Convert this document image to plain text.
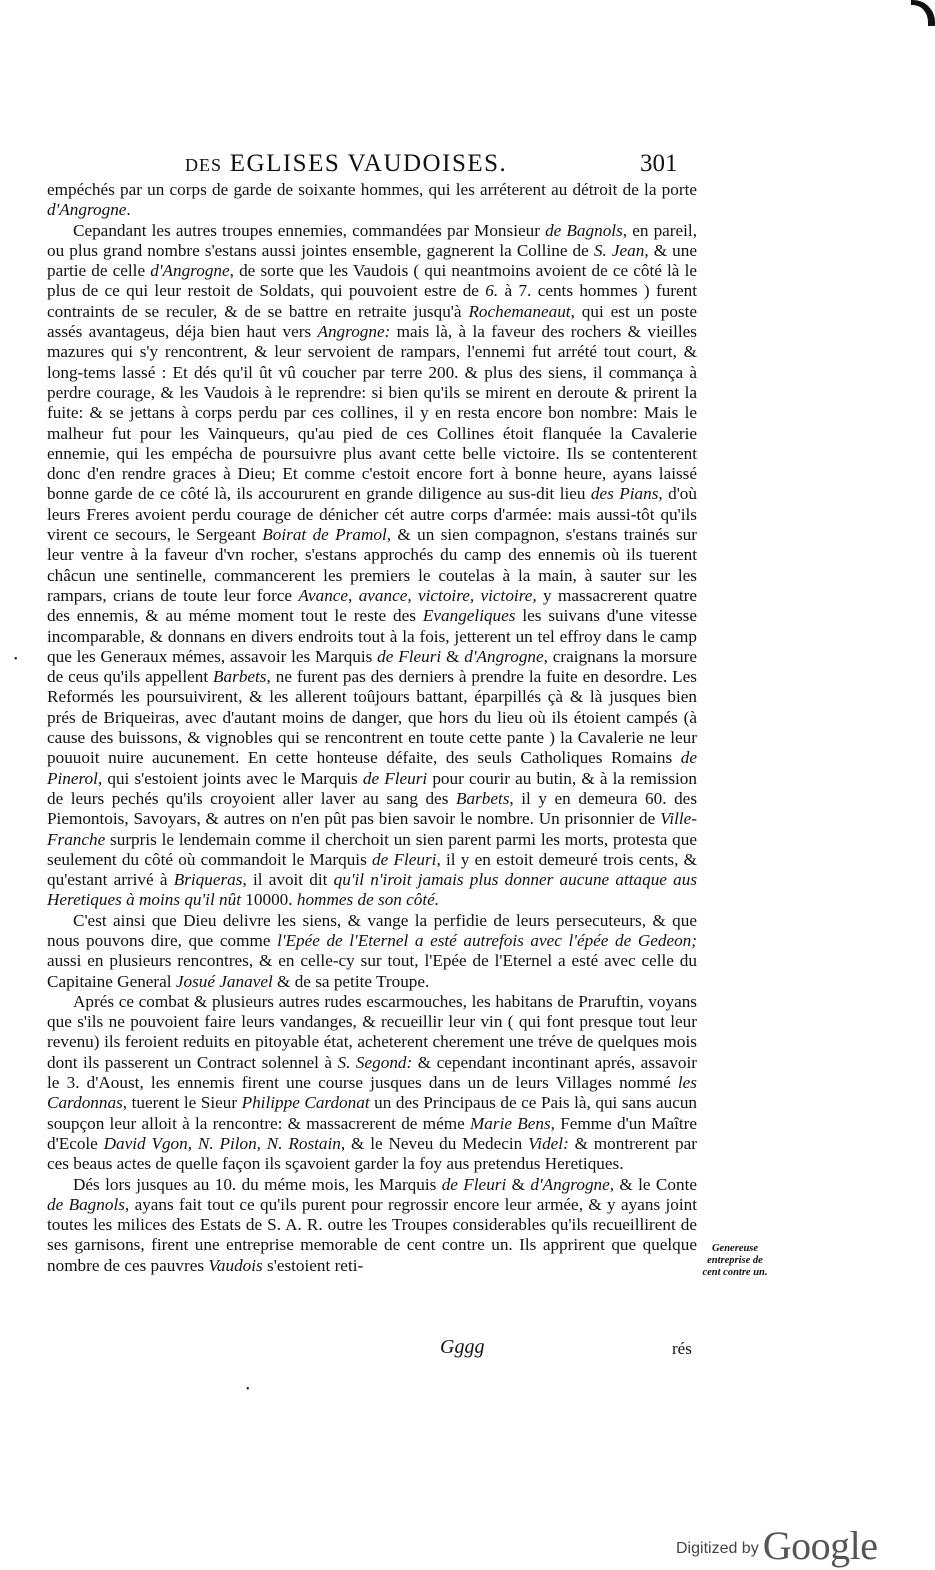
DES EGLISES VAUDOISES.	301

empéchés par un corps de garde de soixante hommes, qui les arréterent au détroit de la porte d'Angrogne.

Cepandant les autres troupes ennemies, commandées par Monsieur de Bagnols, en pareil, ou plus grand nombre s'estans aussi jointes ensemble, gagnerent la Colline de S. Jean, & une partie de celle d'Angrogne, de sorte que les Vaudois ( qui neantmoins avoient de ce côté là le plus de ce qui leur restoit de Soldats, qui pouvoient estre de 6. à 7. cents hommes ) furent contraints de se reculer, & de se battre en retraite jusqu'à Rochemaneaut, qui est un poste assés avantageus, déja bien haut vers Angrogne: mais là, à la faveur des rochers & vieilles mazures qui s'y rencontrent, & leur servoient de rampars, l'ennemi fut arrété tout court, & long-tems lassé : Et dés qu'il ût vû coucher par terre 200. & plus des siens, il commança à perdre courage, & les Vaudois à le reprendre: si bien qu'ils se mirent en deroute & prirent la fuite: & se jettans à corps perdu par ces collines, il y en resta encore bon nombre: Mais le malheur fut pour les Vainqueurs, qu'au pied de ces Collines étoit flanquée la Cavalerie ennemie, qui les empécha de poursuivre plus avant cette belle victoire. Ils se contenterent donc d'en rendre graces à Dieu; Et comme c'estoit encore fort à bonne heure, ayans laissé bonne garde de ce côté là, ils accoururent en grande diligence au sus-dit lieu des Pians, d'où leurs Freres avoient perdu courage de dénicher cét autre corps d'armée: mais aussi-tôt qu'ils virent ce secours, le Sergeant Boirat de Pramol, & un sien compagnon, s'estans trainés sur leur ventre à la faveur d'vn rocher, s'estans approchés du camp des ennemis où ils tuerent châcun une sentinelle, commancerent les premiers le coutelas à la main, à sauter sur les rampars, crians de toute leur force Avance, avance, victoire, victoire, y massacrerent quatre des ennemis, & au méme moment tout le reste des Evangeliques les suivans d'une vitesse incomparable, & donnans en divers endroits tout à la fois, jetterent un tel effroy dans le camp que les Generaux mémes, assavoir les Marquis de Fleuri & d'Angrogne, craignans la morsure de ceus qu'ils appellent Barbets, ne furent pas des derniers à prendre la fuite en desordre. Les Reformés les poursuivirent, & les allerent toûjours battant, éparpillés çà & là jusques bien prés de Briqueiras, avec d'autant moins de danger, que hors du lieu où ils étoient campés (à cause des buissons, & vignobles qui se rencontrent en toute cette pante ) la Cavalerie ne leur pouuoit nuire aucunement. En cette honteuse défaite, des seuls Catholiques Romains de Pinerol, qui s'estoient joints avec le Marquis de Fleuri pour courir au butin, & à la remission de leurs pechés qu'ils croyoient aller laver au sang des Barbets, il y en demeura 60. des Piemontois, Savoyars, & autres on n'en pût pas bien savoir le nombre. Un prisonnier de Ville-Franche surpris le lendemain comme il cherchoit un sien parent parmi les morts, protesta que seulement du côté où commandoit le Marquis de Fleuri, il y en estoit demeuré trois cents, & qu'estant arrivé à Briqueras, il avoit dit qu'il n'iroit jamais plus donner aucune attaque aus Heretiques à moins qu'il nût 10000. hommes de son côté.

C'est ainsi que Dieu delivre les siens, & vange la perfidie de leurs persecuteurs, & que nous pouvons dire, que comme l'Epée de l'Eternel a esté autrefois avec l'épée de Gedeon; aussi en plusieurs rencontres, & en celle-cy sur tout, l'Epée de l'Eternel a esté avec celle du Capitaine General Josué Janavel & de sa petite Troupe.

Aprés ce combat & plusieurs autres rudes escarmouches, les habitans de Praruftin, voyans que s'ils ne pouvoient faire leurs vandanges, & recueillir leur vin ( qui font presque tout leur revenu) ils feroient reduits en pitoyable état, acheterent cherement une tréve de quelques mois dont ils passerent un Contract solennel à S. Segond: & cependant incontinant aprés, assavoir le 3. d'Aoust, les ennemis firent une course jusques dans un de leurs Villages nommé les Cardonnas, tuerent le Sieur Philippe Cardonat un des Principaus de ce Pais là, qui sans aucun soupçon leur alloit à la rencontre: & massacrerent de méme Marie Bens, Femme d'un Maître d'Ecole David Vgon, N. Pilon, N. Rostain, & le Neveu du Medecin Videl: & montrerent par ces beaus actes de quelle façon ils sçavoient garder la foy aus pretendus Heretiques.

Dés lors jusques au 10. du méme mois, les Marquis de Fleuri & d'Angrogne, & le Conte de Bagnols, ayans fait tout ce qu'ils purent pour regrossir encore leur armée, & y ayans joint toutes les milices des Estats de S. A. R. outre les Troupes considerables qu'ils recueillirent de ses garnisons, firent une entreprise memorable de cent contre un. Ils apprirent que quelque nombre de ces pauvres Vaudois s'estoient reti-

Genereuse entreprise de cent contre un.
Gggg	rés
•
•
Digitized by Google
